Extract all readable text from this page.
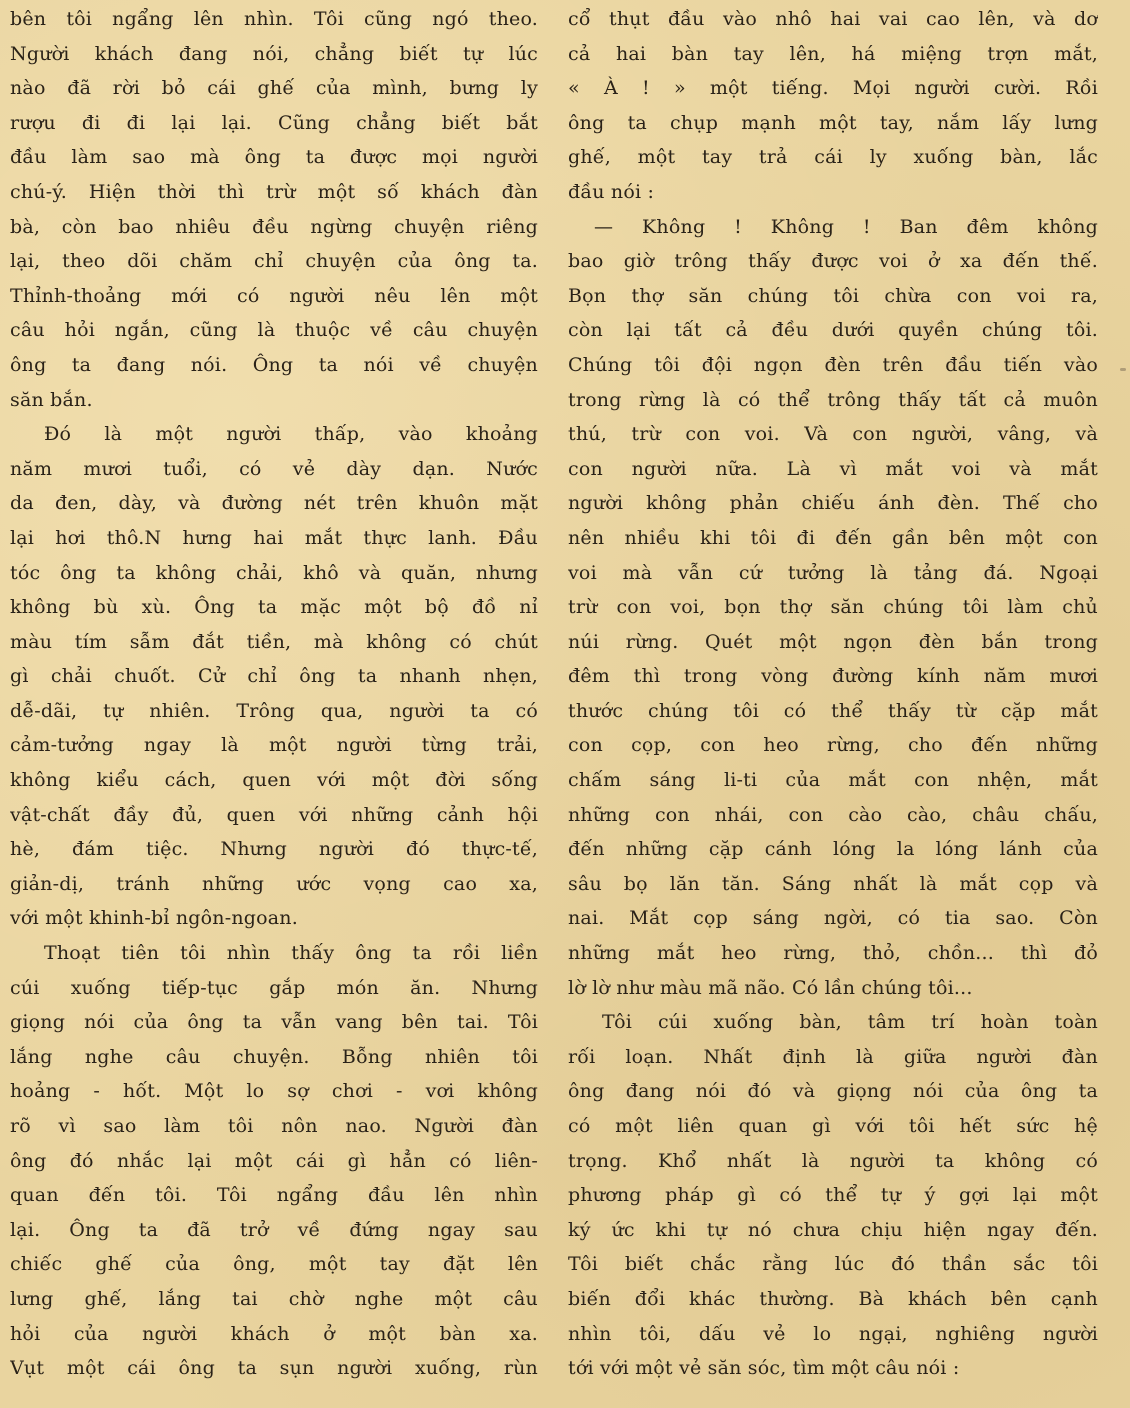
bên tôi ngẩng lên nhìn. Tôi cũng ngó theo.
Người khách đang nói, chẳng biết tự lúc
nào đã rời bỏ cái ghế của mình, bưng ly
rượu đi đi lại lại. Cũng chẳng biết bắt
đầu làm sao mà ông ta được mọi người
chú-ý. Hiện thời thì trừ một số khách đàn
bà, còn bao nhiêu đều ngừng chuyện riêng
lại, theo dõi chăm chỉ chuyện của ông ta.
Thỉnh-thoảng mới có người nêu lên một
câu hỏi ngắn, cũng là thuộc về câu chuyện
ông ta đang nói. Ông ta nói về chuyện
săn bắn.
Đó là một người thấp, vào khoảng
năm mươi tuổi, có vẻ dày dạn. Nước
da đen, dày, và đường nét trên khuôn mặt
lại hơi thô.N hưng hai mắt thực lanh. Đầu
tóc ông ta không chải, khô và quăn, nhưng
không bù xù. Ông ta mặc một bộ đồ nỉ
màu tím sẫm đắt tiền, mà không có chút
gì chải chuốt. Cử chỉ ông ta nhanh nhẹn,
dễ-dãi, tự nhiên. Trông qua, người ta có
cảm-tưởng ngay là một người từng trải,
không kiểu cách, quen với một đời sống
vật-chất đầy đủ, quen với những cảnh hội
hè, đám tiệc. Nhưng người đó thực-tế,
giản-dị, tránh những ước vọng cao xa,
với một khinh-bỉ ngôn-ngoan.
Thoạt tiên tôi nhìn thấy ông ta rồi liền
cúi xuống tiếp-tục gắp món ăn. Nhưng
giọng nói của ông ta vẫn vang bên tai. Tôi
lắng nghe câu chuyện. Bỗng nhiên tôi
hoảng - hốt. Một lo sợ chơi - vơi không
rõ vì sao làm tôi nôn nao. Người đàn
ông đó nhắc lại một cái gì hẳn có liên-
quan đến tôi. Tôi ngẩng đầu lên nhìn
lại. Ông ta đã trở về đứng ngay sau
chiếc ghế của ông, một tay đặt lên
lưng ghế, lắng tai chờ nghe một câu
hỏi của người khách ở một bàn xa.
Vụt một cái ông ta sụn người xuống, rùn
cổ thụt đầu vào nhô hai vai cao lên, và dơ
cả hai bàn tay lên, há miệng trợn mắt,
« À ! » một tiếng. Mọi người cười. Rồi
ông ta chụp mạnh một tay, nắm lấy lưng
ghế, một tay trả cái ly xuống bàn, lắc
đầu nói :
— Không ! Không ! Ban đêm không
bao giờ trông thấy được voi ở xa đến thế.
Bọn thợ săn chúng tôi chừa con voi ra,
còn lại tất cả đều dưới quyền chúng tôi.
Chúng tôi đội ngọn đèn trên đầu tiến vào
trong rừng là có thể trông thấy tất cả muôn
thú, trừ con voi. Và con người, vâng, và
con người nữa. Là vì mắt voi và mắt
người không phản chiếu ánh đèn. Thế cho
nên nhiều khi tôi đi đến gần bên một con
voi mà vẫn cứ tưởng là tảng đá. Ngoại
trừ con voi, bọn thợ săn chúng tôi làm chủ
núi rừng. Quét một ngọn đèn bắn trong
đêm thì trong vòng đường kính năm mươi
thước chúng tôi có thể thấy từ cặp mắt
con cọp, con heo rừng, cho đến những
chấm sáng li-ti của mắt con nhện, mắt
những con nhái, con cào cào, châu chấu,
đến những cặp cánh lóng la lóng lánh của
sâu bọ lăn tăn. Sáng nhất là mắt cọp và
nai. Mắt cọp sáng ngời, có tia sao. Còn
những mắt heo rừng, thỏ, chồn... thì đỏ
lờ lờ như màu mã não. Có lần chúng tôi...
Tôi cúi xuống bàn, tâm trí hoàn toàn
rối loạn. Nhất định là giữa người đàn
ông đang nói đó và giọng nói của ông ta
có một liên quan gì với tôi hết sức hệ
trọng. Khổ nhất là người ta không có
phương pháp gì có thể tự ý gợi lại một
ký ức khi tự nó chưa chịu hiện ngay đến.
Tôi biết chắc rằng lúc đó thần sắc tôi
biến đổi khác thường. Bà khách bên cạnh
nhìn tôi, dấu vẻ lo ngại, nghiêng người
tới với một vẻ săn sóc, tìm một câu nói :
